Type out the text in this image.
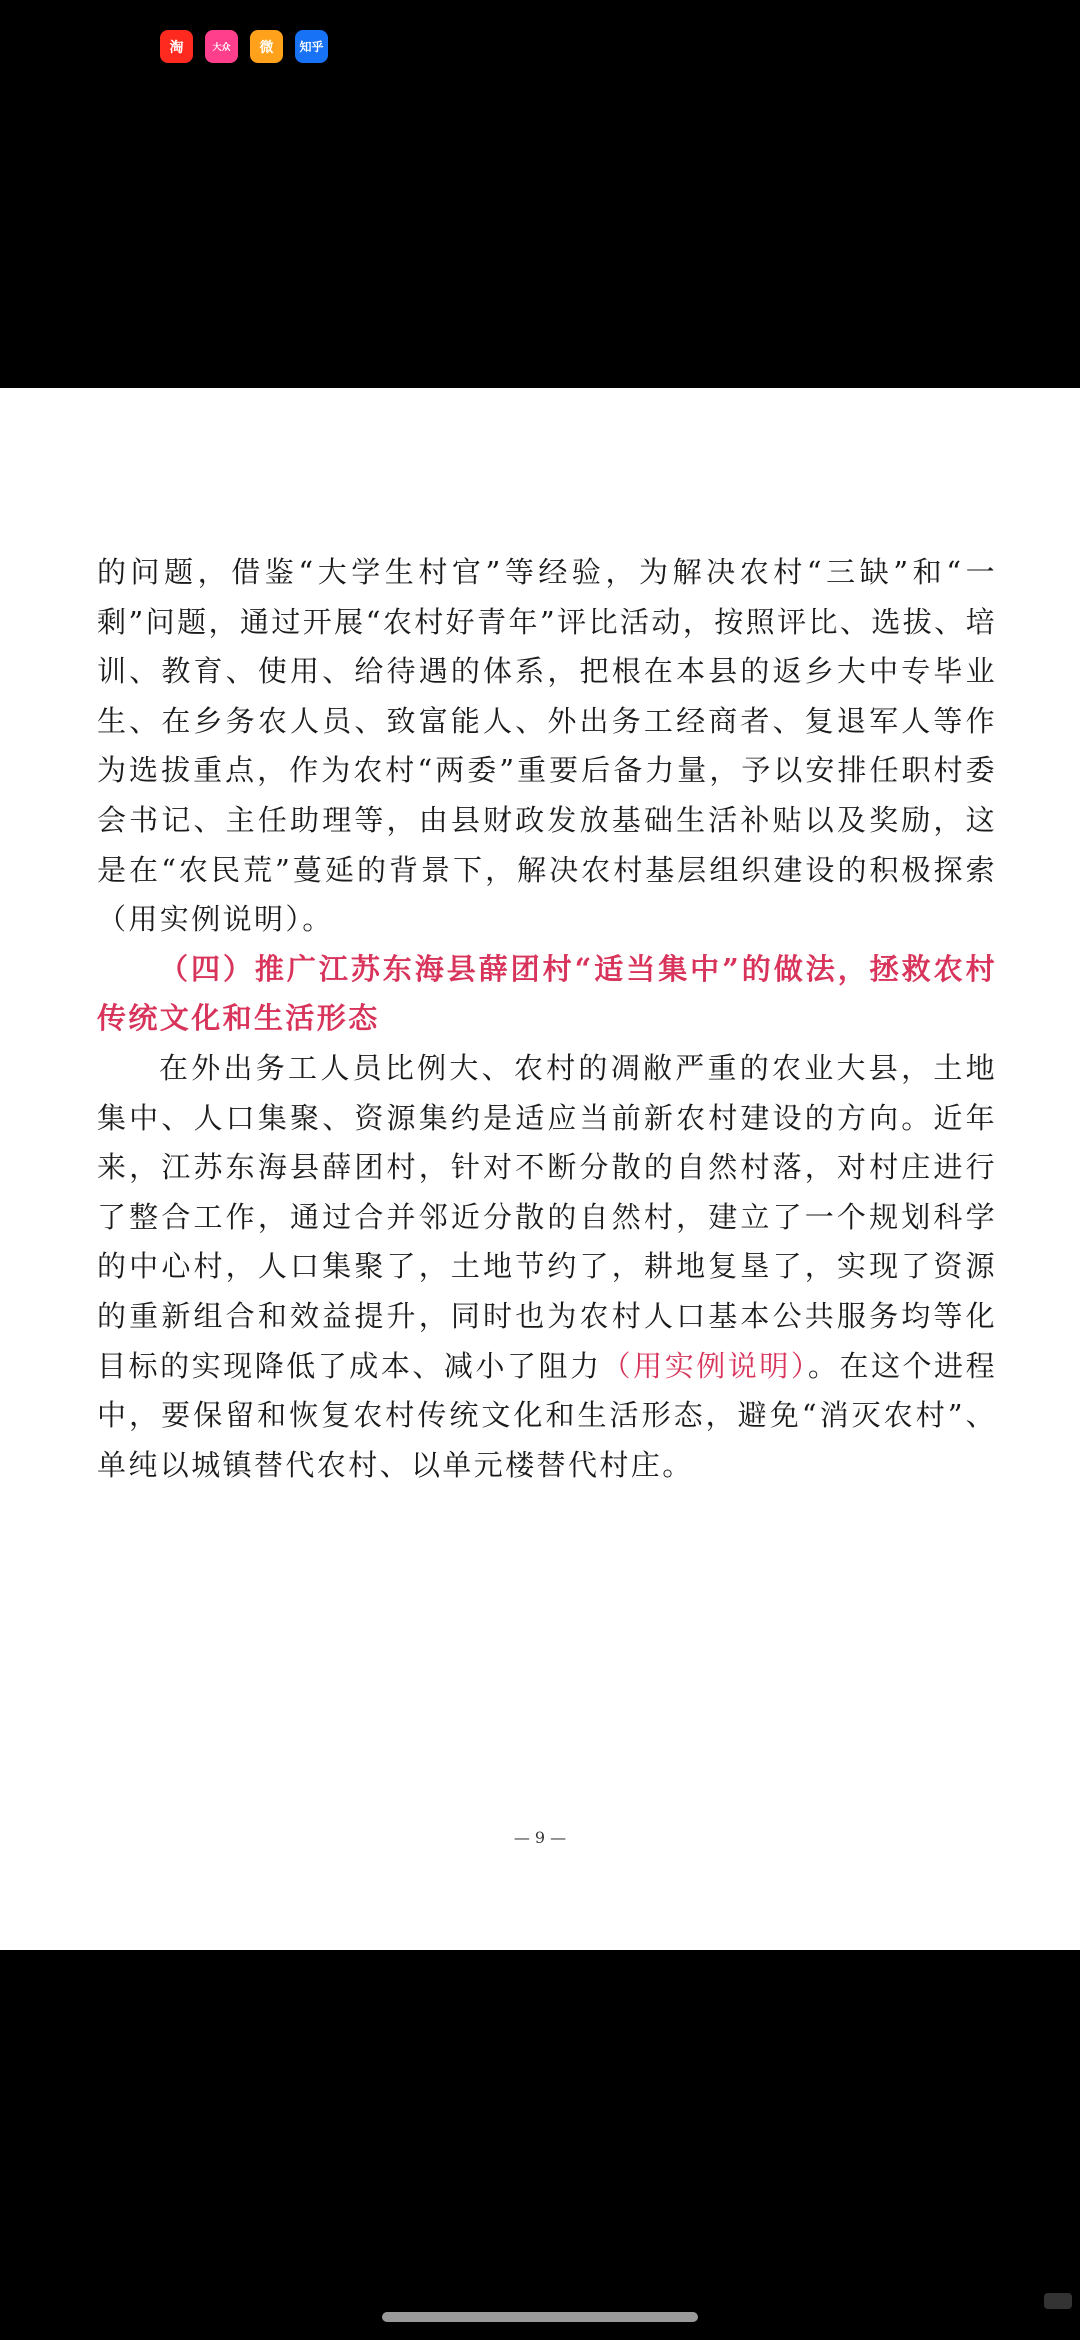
淘	大众	微	知乎

的问题，借鉴“大学生村官”等经验，为解决农村“三缺”和“一剩”问题，通过开展“农村好青年”评比活动，按照评比、选拔、培训、教育、使用、给待遇的体系，把根在本县的返乡大中专毕业生、在乡务农人员、致富能人、外出务工经商者、复退军人等作为选拔重点，作为农村“两委”重要后备力量，予以安排任职村委会书记、主任助理等，由县财政发放基础生活补贴以及奖励，这是在“农民荒”蔓延的背景下，解决农村基层组织建设的积极探索（用实例说明）。

（四）推广江苏东海县薛团村“适当集中”的做法，拯救农村传统文化和生活形态

在外出务工人员比例大、农村的凋敝严重的农业大县，土地集中、人口集聚、资源集约是适应当前新农村建设的方向。近年来，江苏东海县薛团村，针对不断分散的自然村落，对村庄进行了整合工作，通过合并邻近分散的自然村，建立了一个规划科学的中心村，人口集聚了，土地节约了，耕地复垦了，实现了资源的重新组合和效益提升，同时也为农村人口基本公共服务均等化目标的实现降低了成本、减小了阻力（用实例说明）。在这个进程中，要保留和恢复农村传统文化和生活形态，避免“消灭农村”、单纯以城镇替代农村、以单元楼替代村庄。

— 9 —
